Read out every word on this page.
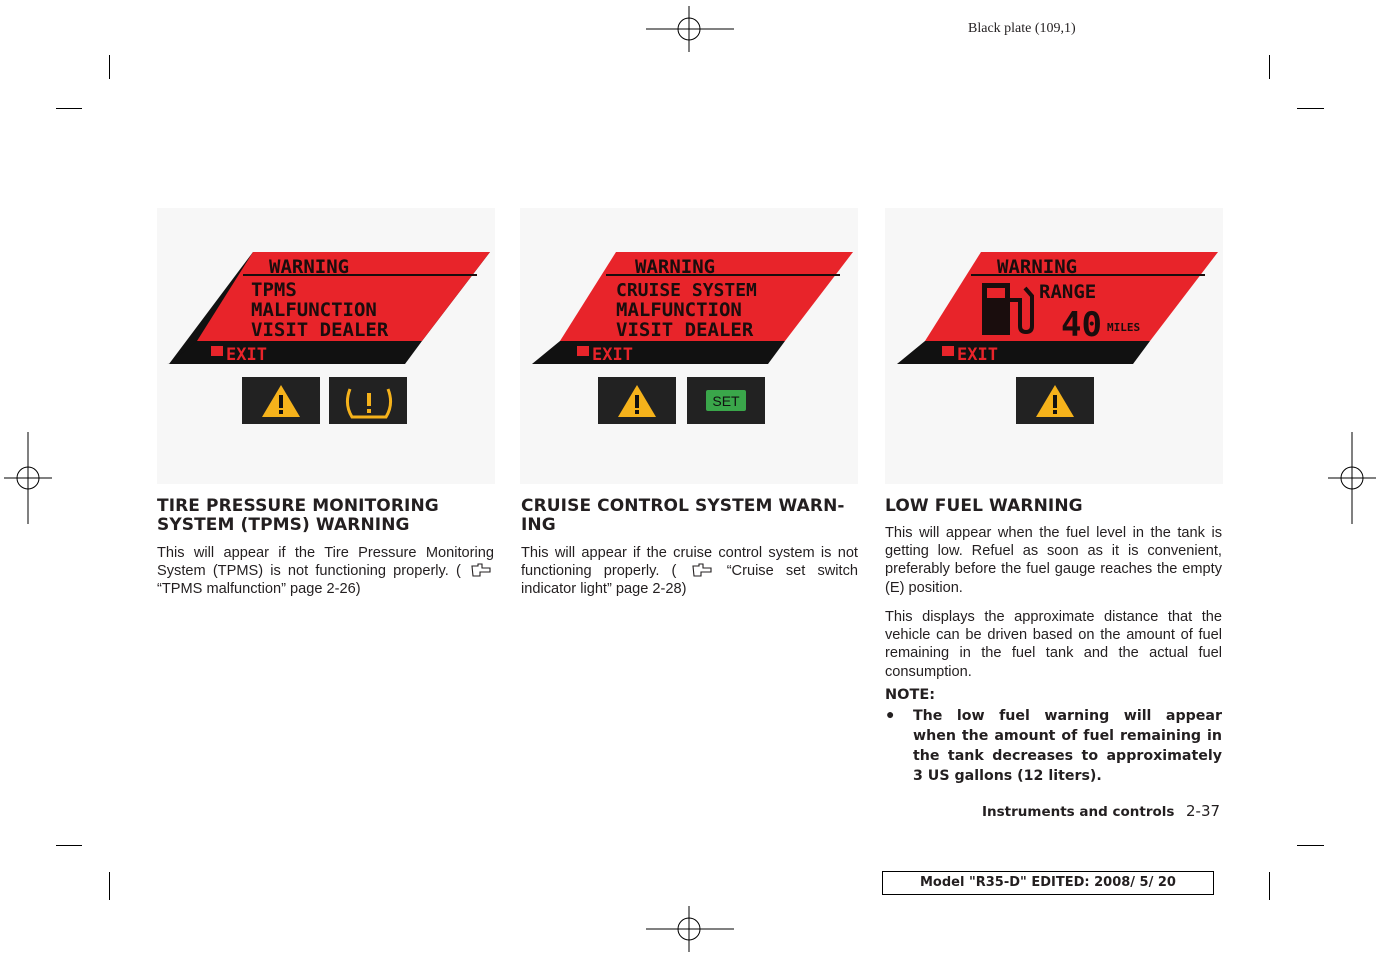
Black plate (109,1)
WARNING
TPMS
MALFUNCTION
VISIT DEALER
EXIT
WARNING
CRUISE SYSTEM
MALFUNCTION
VISIT DEALER
EXIT
SET
WARNING
RANGE
40 MILES
EXIT
TIRE PRESSURE MONITORING
SYSTEM (TPMS) WARNING

This will appear if the Tire Pressure Monitoring System (TPMS) is not functioning properly. (  “TPMS malfunction” page 2-26)

CRUISE CONTROL SYSTEM WARN-
ING

This will appear if the cruise control system is not functioning properly. (	“Cruise set switch indicator light” page 2-28)

LOW FUEL WARNING

This will appear when the fuel level in the tank is getting low. Refuel as soon as it is convenient, preferably before the fuel gauge reaches the empty (E) position.

This displays the approximate distance that the vehicle can be driven based on the amount of fuel remaining in the fuel tank and the actual fuel consumption.

NOTE:
● The low fuel warning will appear when the amount of fuel remaining in the tank decreases to approximately 3 US gallons (12 liters).

Instruments and controls 2-37
Model "R35-D" EDITED: 2008/ 5/ 20
